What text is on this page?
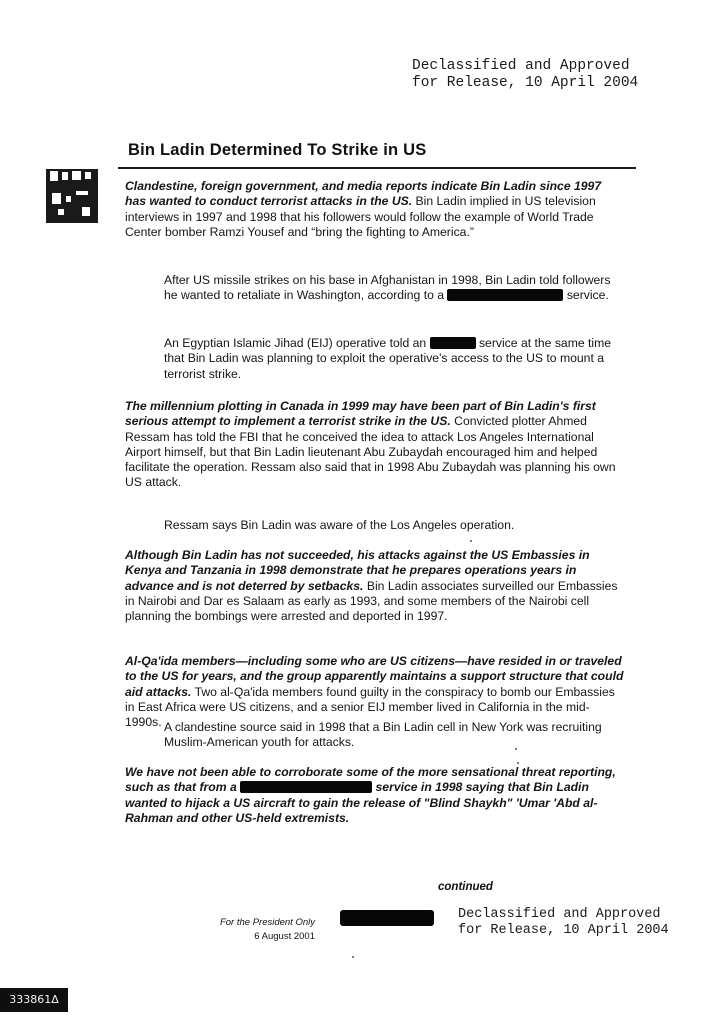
Declassified and Approved
for Release, 10 April 2004
Bin Ladin Determined To Strike in US
Clandestine, foreign government, and media reports indicate Bin Ladin since 1997 has wanted to conduct terrorist attacks in the US. Bin Ladin implied in US television interviews in 1997 and 1998 that his followers would follow the example of World Trade Center bomber Ramzi Yousef and “bring the fighting to America.”
After US missile strikes on his base in Afghanistan in 1998, Bin Ladin told followers he wanted to retaliate in Washington, according to a	service.
An Egyptian Islamic Jihad (EIJ) operative told an	service at the same time that Bin Ladin was planning to exploit the operative's access to the US to mount a terrorist strike.
The millennium plotting in Canada in 1999 may have been part of Bin Ladin's first serious attempt to implement a terrorist strike in the US. Convicted plotter Ahmed Ressam has told the FBI that he conceived the idea to attack Los Angeles International Airport himself, but that Bin Ladin lieutenant Abu Zubaydah encouraged him and helped facilitate the operation. Ressam also said that in 1998 Abu Zubaydah was planning his own US attack.
Ressam says Bin Ladin was aware of the Los Angeles operation.
Although Bin Ladin has not succeeded, his attacks against the US Embassies in Kenya and Tanzania in 1998 demonstrate that he prepares operations years in advance and is not deterred by setbacks. Bin Ladin associates surveilled our Embassies in Nairobi and Dar es Salaam as early as 1993, and some members of the Nairobi cell planning the bombings were arrested and deported in 1997.
Al-Qa'ida members—including some who are US citizens—have resided in or traveled to the US for years, and the group apparently maintains a support structure that could aid attacks. Two al-Qa'ida members found guilty in the conspiracy to bomb our Embassies in East Africa were US citizens, and a senior EIJ member lived in California in the mid-1990s. A clandestine source said in 1998 that a Bin Ladin cell in New York was recruiting Muslim-American youth for attacks.
We have not been able to corroborate some of the more sensational threat reporting, such as that from a	service in 1998 saying that Bin Ladin wanted to hijack a US aircraft to gain the release of "Blind Shaykh" 'Umar 'Abd al-Rahman and other US-held extremists.
continued
For the President Only
6 August 2001
Declassified and Approved
for Release, 10 April 2004
333861Δ
